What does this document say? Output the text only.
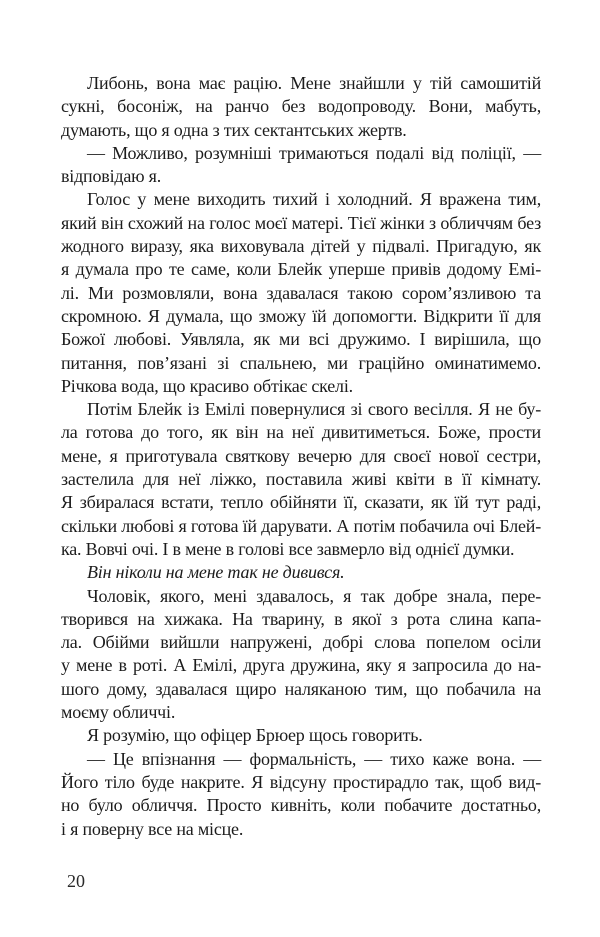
Либонь, вона має рацію. Мене знайшли у тій самошитій
сукні, босоніж, на ранчо без водопроводу. Вони, мабуть,
думають, що я одна з тих сектантських жертв.

— Можливо, розумніші тримаються подалі від поліції, —
відповідаю я.

Голос у мене виходить тихий і холодний. Я вражена тим,
який він схожий на голос моєї матері. Тієї жінки з обличчям без
жодного виразу, яка виховувала дітей у підвалі. Пригадую, як
я думала про те саме, коли Блейк уперше привів додому Емі-
лі. Ми розмовляли, вона здавалася такою сором’язливою та
скромною. Я думала, що зможу їй допомогти. Відкрити її для
Божої любові. Уявляла, як ми всі дружимо. І вирішила, що
питання, пов’язані зі спальнею, ми граційно оминатимемо.
Річкова вода, що красиво обтікає скелі.

Потім Блейк із Емілі повернулися зі свого весілля. Я не бу-
ла готова до того, як він на неї дивитиметься. Боже, прости
мене, я приготувала святкову вечерю для своєї нової сестри,
застелила для неї ліжко, поставила живі квіти в її кімнату.
Я збиралася встати, тепло обійняти її, сказати, як їй тут раді,
скільки любові я готова їй дарувати. А потім побачила очі Блей-
ка. Вовчі очі. І в мене в голові все завмерло від однієї думки.

Він ніколи на мене так не дивився.

Чоловік, якого, мені здавалось, я так добре знала, пере-
творився на хижака. На тварину, в якої з рота слина капа-
ла. Обійми вийшли напружені, добрі слова попелом осіли
у мене в роті. А Емілі, друга дружина, яку я запросила до на-
шого дому, здавалася щиро наляканою тим, що побачила на
моєму обличчі.

Я розумію, що офіцер Брюер щось говорить.

— Це впізнання — формальність, — тихо каже вона. —
Його тіло буде накрите. Я відсуну простирадло так, щоб вид-
но було обличчя. Просто кивніть, коли побачите достатньо,
і я поверну все на місце.

20
